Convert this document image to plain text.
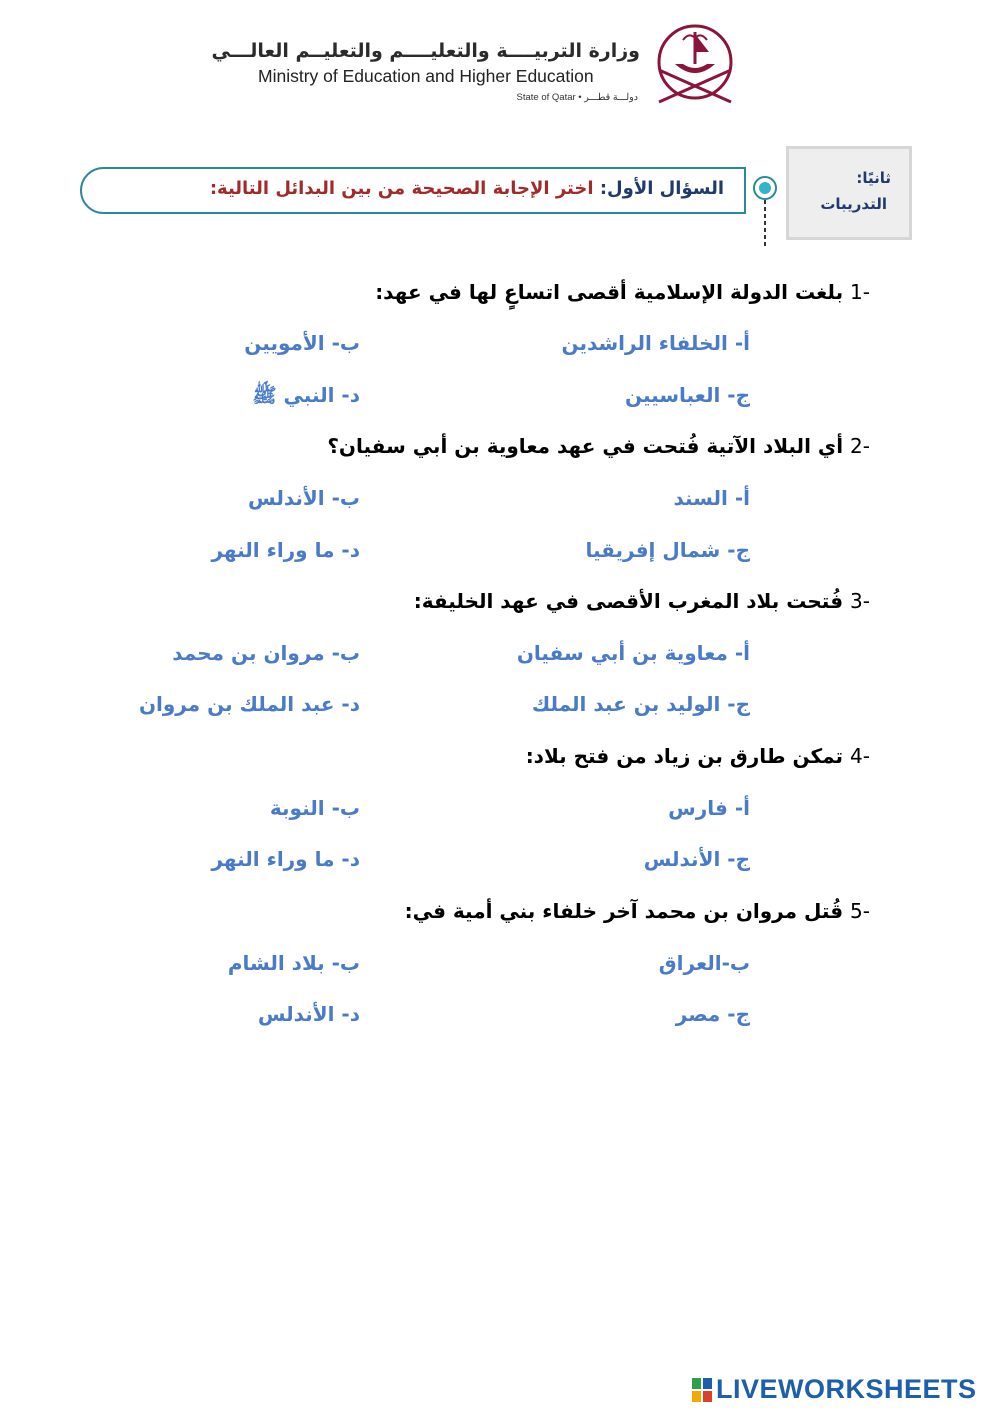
وزارة التربيــــة والتعليــــم والتعليــم العالـــي
Ministry of Education and Higher Education
State of Qatar • دولـــة قطـــر
ثانيًا:
التدريبات
السؤال الأول: اختر الإجابة الصحيحة من بين البدائل التالية:
-1 بلغت الدولة الإسلامية أقصى اتساعٍ لها في عهد:
أ- الخلفاء الراشدين
ب- الأمويين
ج- العباسيين
د- النبي ﷺ
-2 أي البلاد الآتية فُتحت في عهد معاوية بن أبي سفيان؟
أ- السند
ب- الأندلس
ج- شمال إفريقيا
د- ما وراء النهر
-3 فُتحت بلاد المغرب الأقصى في عهد الخليفة:
أ- معاوية بن أبي سفيان
ب- مروان بن محمد
ج- الوليد بن عبد الملك
د- عبد الملك بن مروان
-4 تمكن طارق بن زياد من فتح بلاد:
أ- فارس
ب- النوبة
ج- الأندلس
د- ما وراء النهر
-5 قُتل مروان بن محمد آخر خلفاء بني أمية في:
ب-العراق
ب- بلاد الشام
ج- مصر
د- الأندلس
LIVEWORKSHEETS
